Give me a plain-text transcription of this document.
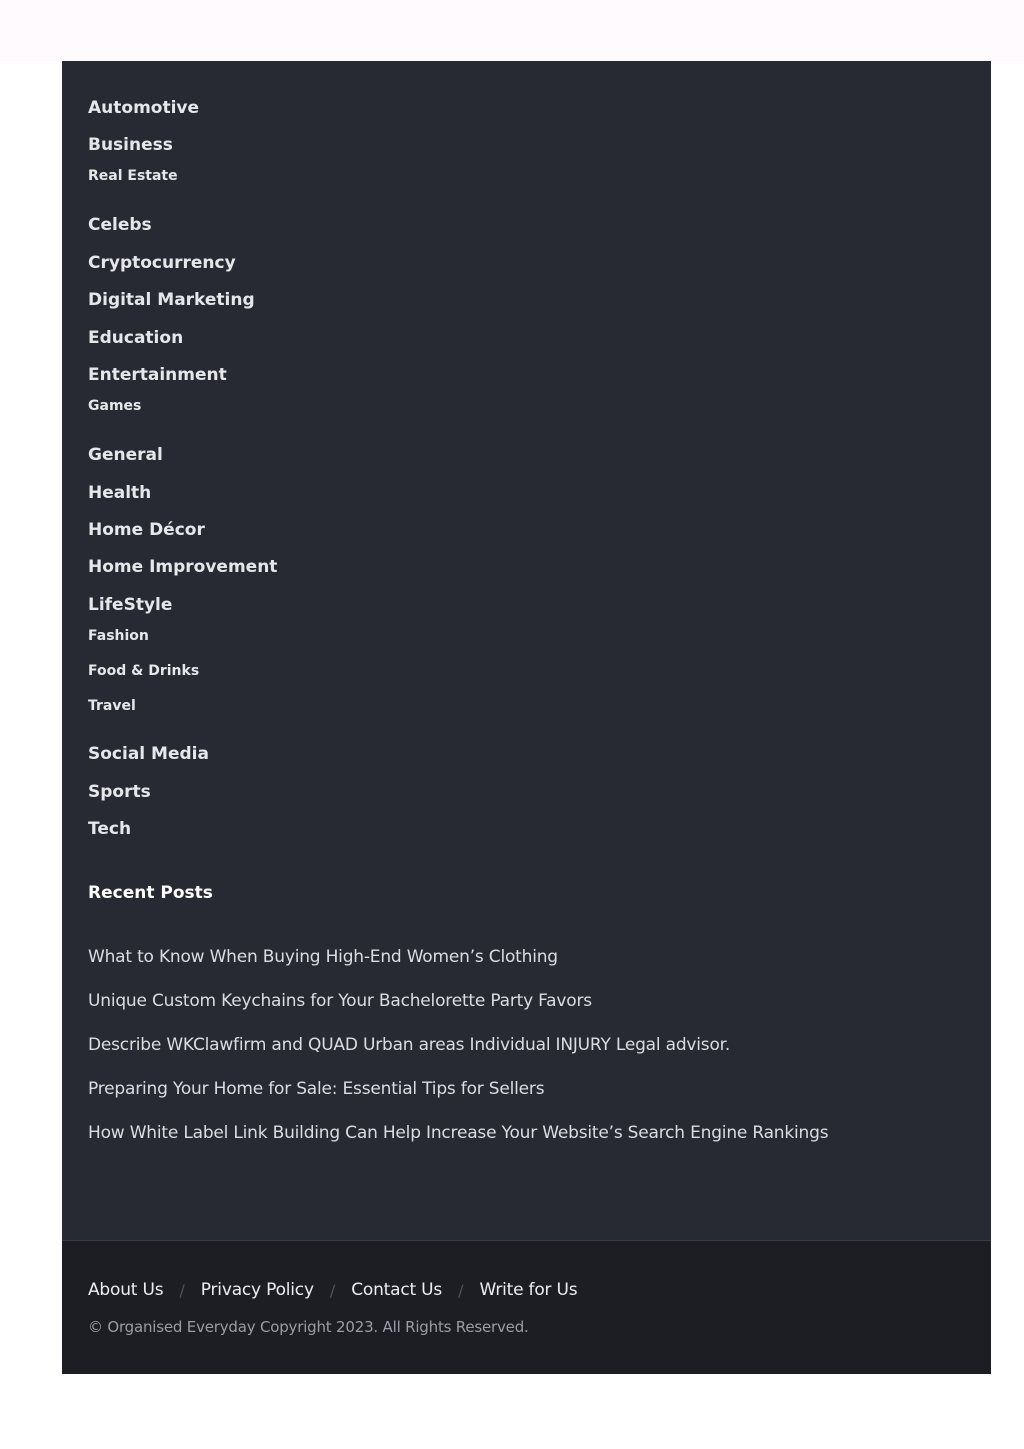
Automotive
Business
Real Estate
Celebs
Cryptocurrency
Digital Marketing
Education
Entertainment
Games
General
Health
Home Décor
Home Improvement
LifeStyle
Fashion
Food & Drinks
Travel
Social Media
Sports
Tech
Recent Posts
What to Know When Buying High-End Women’s Clothing
Unique Custom Keychains for Your Bachelorette Party Favors
Describe WKClawfirm and QUAD Urban areas Individual INJURY Legal advisor.
Preparing Your Home for Sale: Essential Tips for Sellers
How White Label Link Building Can Help Increase Your Website’s Search Engine Rankings
About Us / Privacy Policy / Contact Us / Write for Us
© Organised Everyday Copyright 2023. All Rights Reserved.
